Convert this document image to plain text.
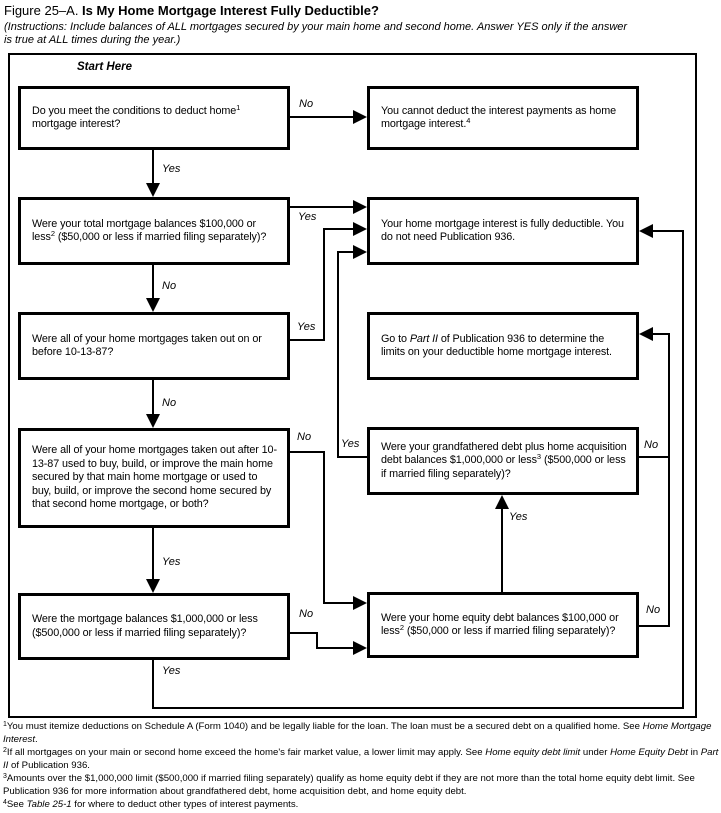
Figure 25–A. Is My Home Mortgage Interest Fully Deductible?
(Instructions: Include balances of ALL mortgages secured by your main home and second home. Answer YES only if the answer
is true at ALL times during the year.)
Start Here

Do you meet the conditions to deduct home$^1$ mortgage interest?

You cannot deduct the interest payments as home mortgage interest.$^4$

Were your total mortgage balances $100,000 or less$^2$ ($50,000 or less if married filing separately)?

Your home mortgage interest is fully deductible. You do not need Publication 936.

Were all of your home mortgages taken out on or before 10-13-87?

Go to Part II of Publication 936 to determine the limits on your deductible home mortgage interest.

Were all of your home mortgages taken out after 10-13-87 used to buy, build, or improve the main home secured by that main home mortgage or used to buy, build, or improve the second home secured by that second home mortgage, or both?

Were your grandfathered debt plus home acquisition debt balances $1,000,000 or less$^3$ ($500,000 or less if married filing separately)?

Were the mortgage balances $1,000,000 or less ($500,000 or less if married filing separately)?

Were your home equity debt balances $100,000 or less$^2$ ($50,000 or less if married filing separately)?

No
Yes
Yes
No
Yes
No
No
Yes	No
Yes
Yes
No	No
Yes
$^1$You must itemize deductions on Schedule A (Form 1040) and be legally liable for the loan. The loan must be a secured debt on a qualified home. See Home Mortgage Interest.
$^2$If all mortgages on your main or second home exceed the home's fair market value, a lower limit may apply. See Home equity debt limit under Home Equity Debt in Part II of Publication 936.
$^3$Amounts over the $1,000,000 limit ($500,000 if married filing separately) qualify as home equity debt if they are not more than the total home equity debt limit. See Publication 936 for more information about grandfathered debt, home acquisition debt, and home equity debt.
$^4$See Table 25-1 for where to deduct other types of interest payments.
